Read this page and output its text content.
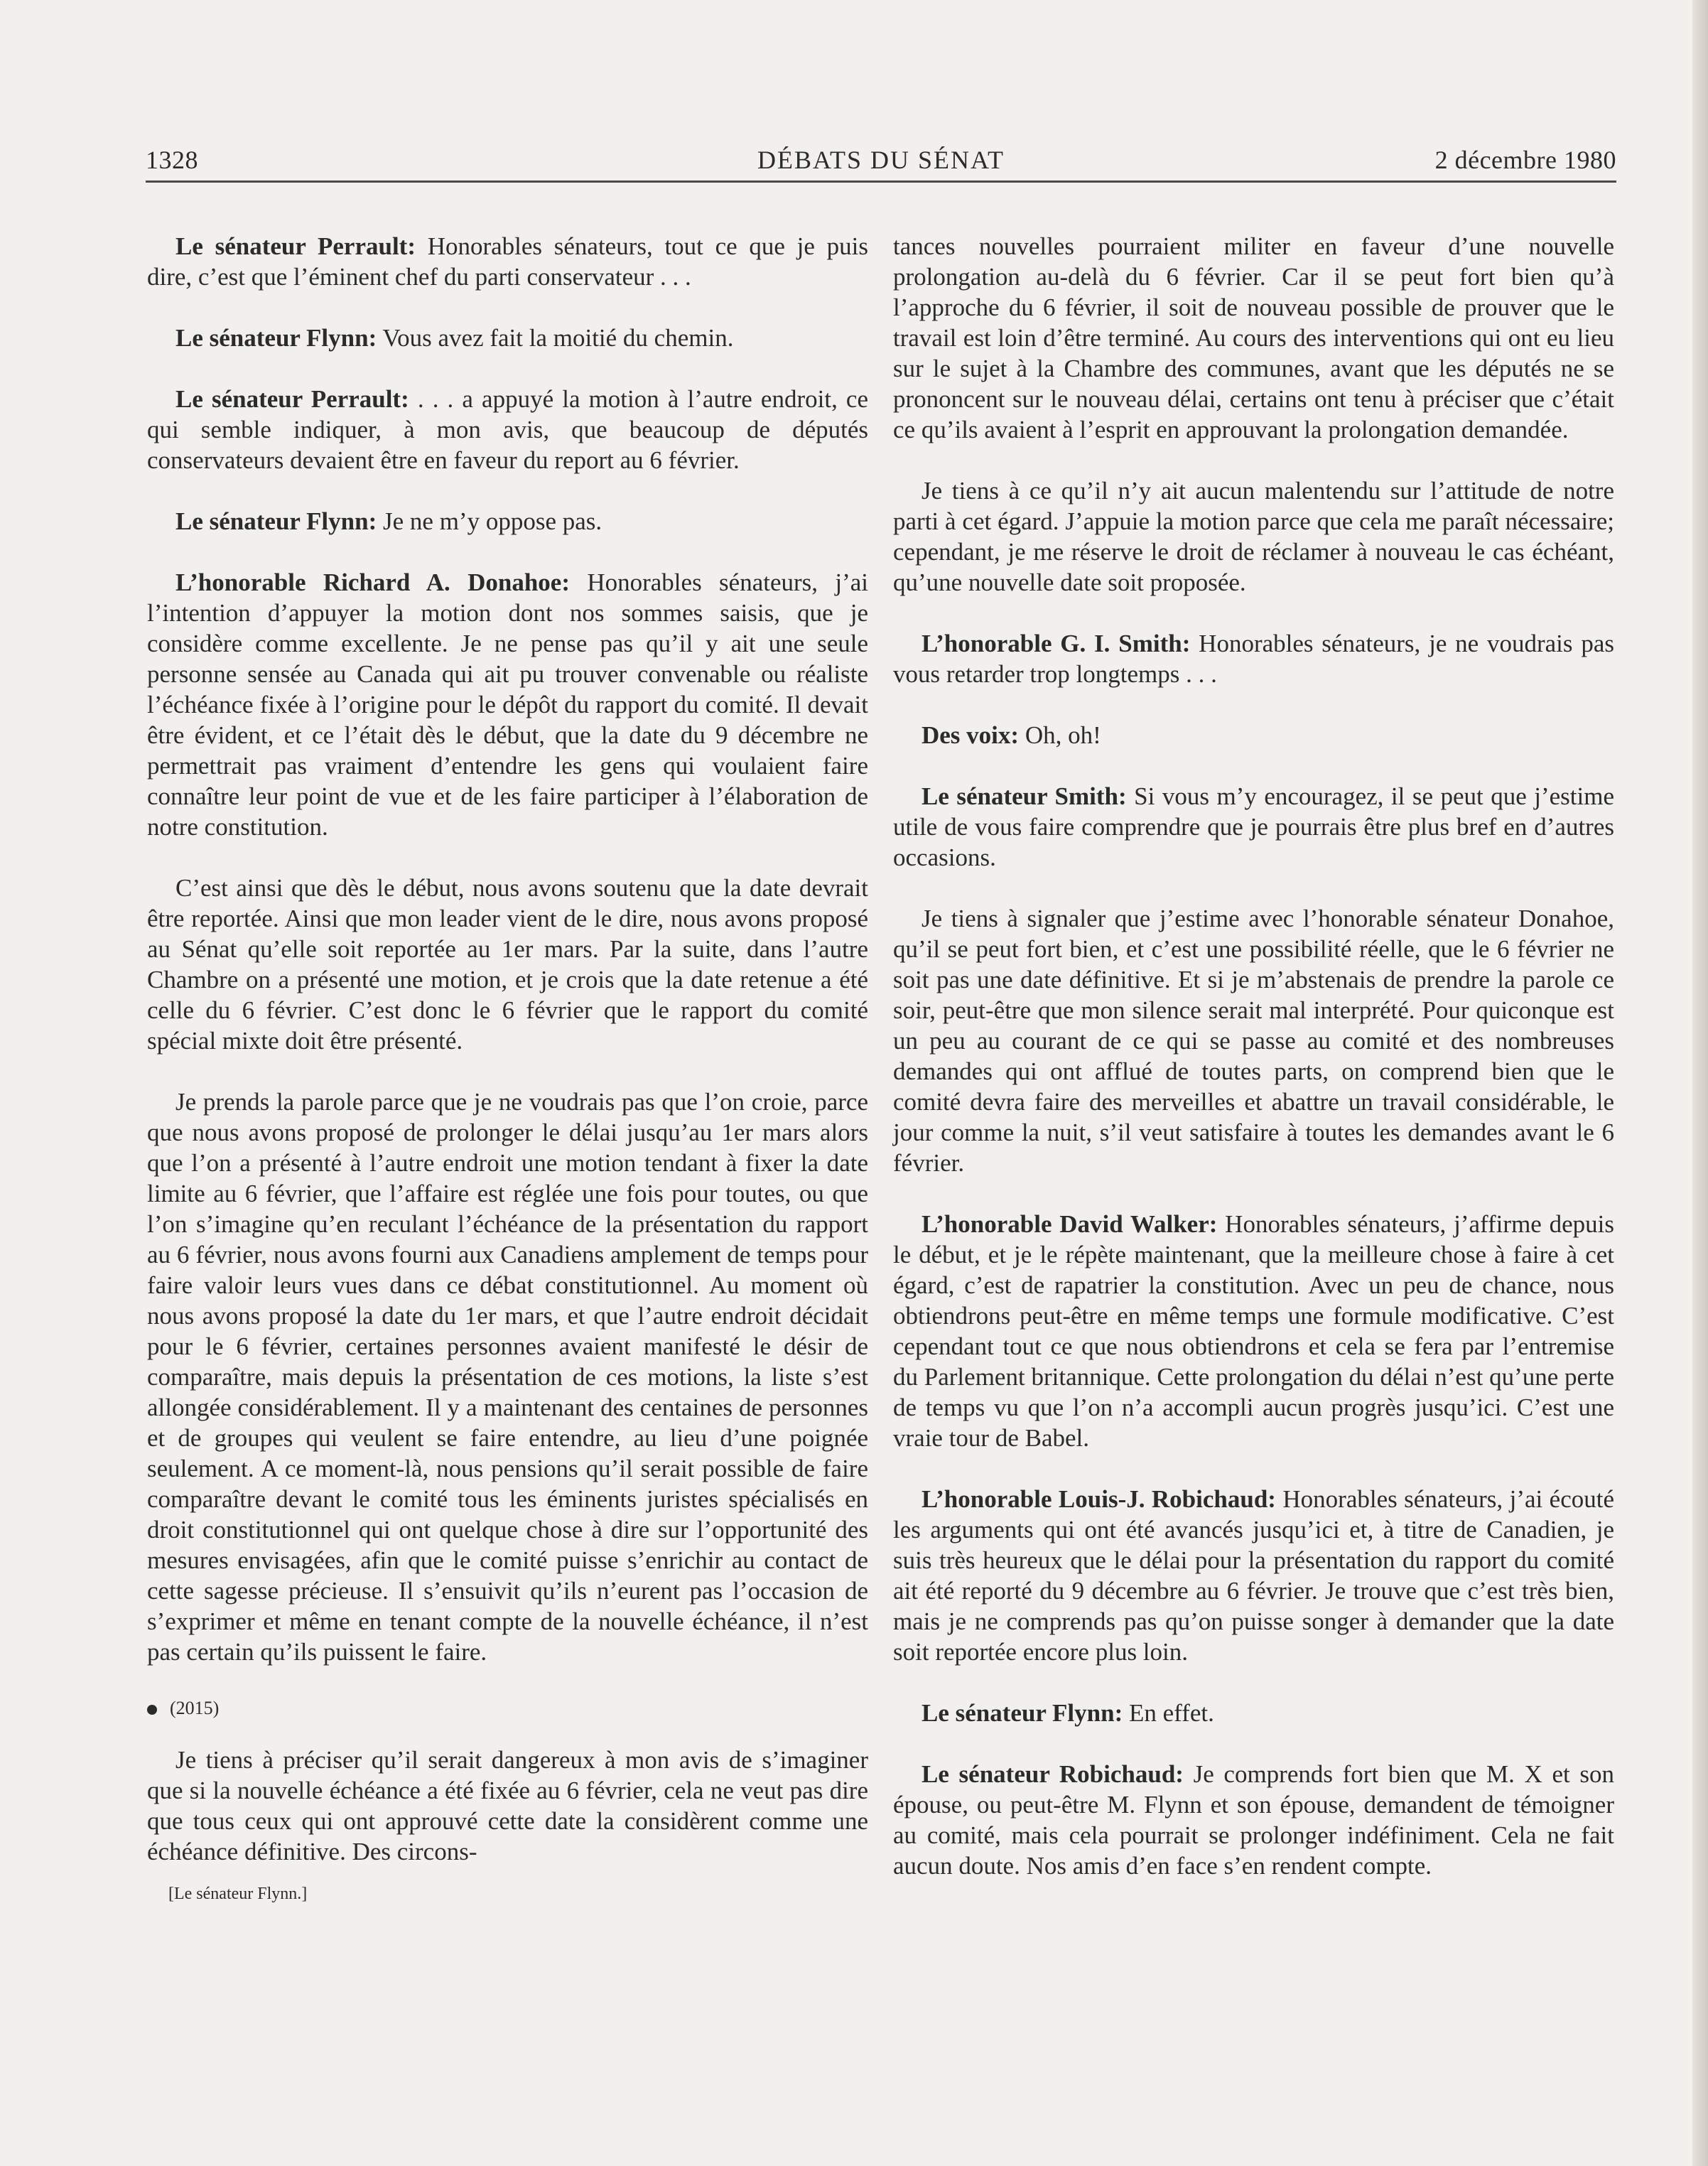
1328	DÉBATS DU SÉNAT	2 décembre 1980

Le sénateur Perrault: Honorables sénateurs, tout ce que je puis dire, c’est que l’éminent chef du parti conservateur . . .

Le sénateur Flynn: Vous avez fait la moitié du chemin.

Le sénateur Perrault: . . . a appuyé la motion à l’autre endroit, ce qui semble indiquer, à mon avis, que beaucoup de députés conservateurs devaient être en faveur du report au 6 février.

Le sénateur Flynn: Je ne m’y oppose pas.

L’honorable Richard A. Donahoe: Honorables sénateurs, j’ai l’intention d’appuyer la motion dont nos sommes saisis, que je considère comme excellente. Je ne pense pas qu’il y ait une seule personne sensée au Canada qui ait pu trouver convenable ou réaliste l’échéance fixée à l’origine pour le dépôt du rapport du comité. Il devait être évident, et ce l’était dès le début, que la date du 9 décembre ne permettrait pas vraiment d’entendre les gens qui voulaient faire connaître leur point de vue et de les faire participer à l’élaboration de notre constitution.

C’est ainsi que dès le début, nous avons soutenu que la date devrait être reportée. Ainsi que mon leader vient de le dire, nous avons proposé au Sénat qu’elle soit reportée au 1er mars. Par la suite, dans l’autre Chambre on a présenté une motion, et je crois que la date retenue a été celle du 6 février. C’est donc le 6 février que le rapport du comité spécial mixte doit être présenté.

Je prends la parole parce que je ne voudrais pas que l’on croie, parce que nous avons proposé de prolonger le délai jusqu’au 1er mars alors que l’on a présenté à l’autre endroit une motion tendant à fixer la date limite au 6 février, que l’affaire est réglée une fois pour toutes, ou que l’on s’imagine qu’en reculant l’échéance de la présentation du rapport au 6 février, nous avons fourni aux Canadiens amplement de temps pour faire valoir leurs vues dans ce débat constitutionnel. Au moment où nous avons proposé la date du 1er mars, et que l’autre endroit décidait pour le 6 février, certaines personnes avaient manifesté le désir de comparaître, mais depuis la présentation de ces motions, la liste s’est allongée considérablement. Il y a maintenant des centaines de personnes et de groupes qui veulent se faire entendre, au lieu d’une poignée seulement. A ce moment-là, nous pensions qu’il serait possible de faire comparaître devant le comité tous les éminents juristes spécialisés en droit constitutionnel qui ont quelque chose à dire sur l’opportunité des mesures envisagées, afin que le comité puisse s’enrichir au contact de cette sagesse précieuse. Il s’ensuivit qu’ils n’eurent pas l’occasion de s’exprimer et même en tenant compte de la nouvelle échéance, il n’est pas certain qu’ils puissent le faire.

(2015)

Je tiens à préciser qu’il serait dangereux à mon avis de s’imaginer que si la nouvelle échéance a été fixée au 6 février, cela ne veut pas dire que tous ceux qui ont approuvé cette date la considèrent comme une échéance définitive. Des circons-

[Le sénateur Flynn.]

tances nouvelles pourraient militer en faveur d’une nouvelle prolongation au-delà du 6 février. Car il se peut fort bien qu’à l’approche du 6 février, il soit de nouveau possible de prouver que le travail est loin d’être terminé. Au cours des interventions qui ont eu lieu sur le sujet à la Chambre des communes, avant que les députés ne se prononcent sur le nouveau délai, certains ont tenu à préciser que c’était ce qu’ils avaient à l’esprit en approuvant la prolongation demandée.

Je tiens à ce qu’il n’y ait aucun malentendu sur l’attitude de notre parti à cet égard. J’appuie la motion parce que cela me paraît nécessaire; cependant, je me réserve le droit de réclamer à nouveau le cas échéant, qu’une nouvelle date soit proposée.

L’honorable G. I. Smith: Honorables sénateurs, je ne voudrais pas vous retarder trop longtemps . . .

Des voix: Oh, oh!

Le sénateur Smith: Si vous m’y encouragez, il se peut que j’estime utile de vous faire comprendre que je pourrais être plus bref en d’autres occasions.

Je tiens à signaler que j’estime avec l’honorable sénateur Donahoe, qu’il se peut fort bien, et c’est une possibilité réelle, que le 6 février ne soit pas une date définitive. Et si je m’abstenais de prendre la parole ce soir, peut-être que mon silence serait mal interprété. Pour quiconque est un peu au courant de ce qui se passe au comité et des nombreuses demandes qui ont afflué de toutes parts, on comprend bien que le comité devra faire des merveilles et abattre un travail considérable, le jour comme la nuit, s’il veut satisfaire à toutes les demandes avant le 6 février.

L’honorable David Walker: Honorables sénateurs, j’affirme depuis le début, et je le répète maintenant, que la meilleure chose à faire à cet égard, c’est de rapatrier la constitution. Avec un peu de chance, nous obtiendrons peut-être en même temps une formule modificative. C’est cependant tout ce que nous obtiendrons et cela se fera par l’entremise du Parlement britannique. Cette prolongation du délai n’est qu’une perte de temps vu que l’on n’a accompli aucun progrès jusqu’ici. C’est une vraie tour de Babel.

L’honorable Louis-J. Robichaud: Honorables sénateurs, j’ai écouté les arguments qui ont été avancés jusqu’ici et, à titre de Canadien, je suis très heureux que le délai pour la présentation du rapport du comité ait été reporté du 9 décembre au 6 février. Je trouve que c’est très bien, mais je ne comprends pas qu’on puisse songer à demander que la date soit reportée encore plus loin.

Le sénateur Flynn: En effet.

Le sénateur Robichaud: Je comprends fort bien que M. X et son épouse, ou peut-être M. Flynn et son épouse, demandent de témoigner au comité, mais cela pourrait se prolonger indéfiniment. Cela ne fait aucun doute. Nos amis d’en face s’en rendent compte.
